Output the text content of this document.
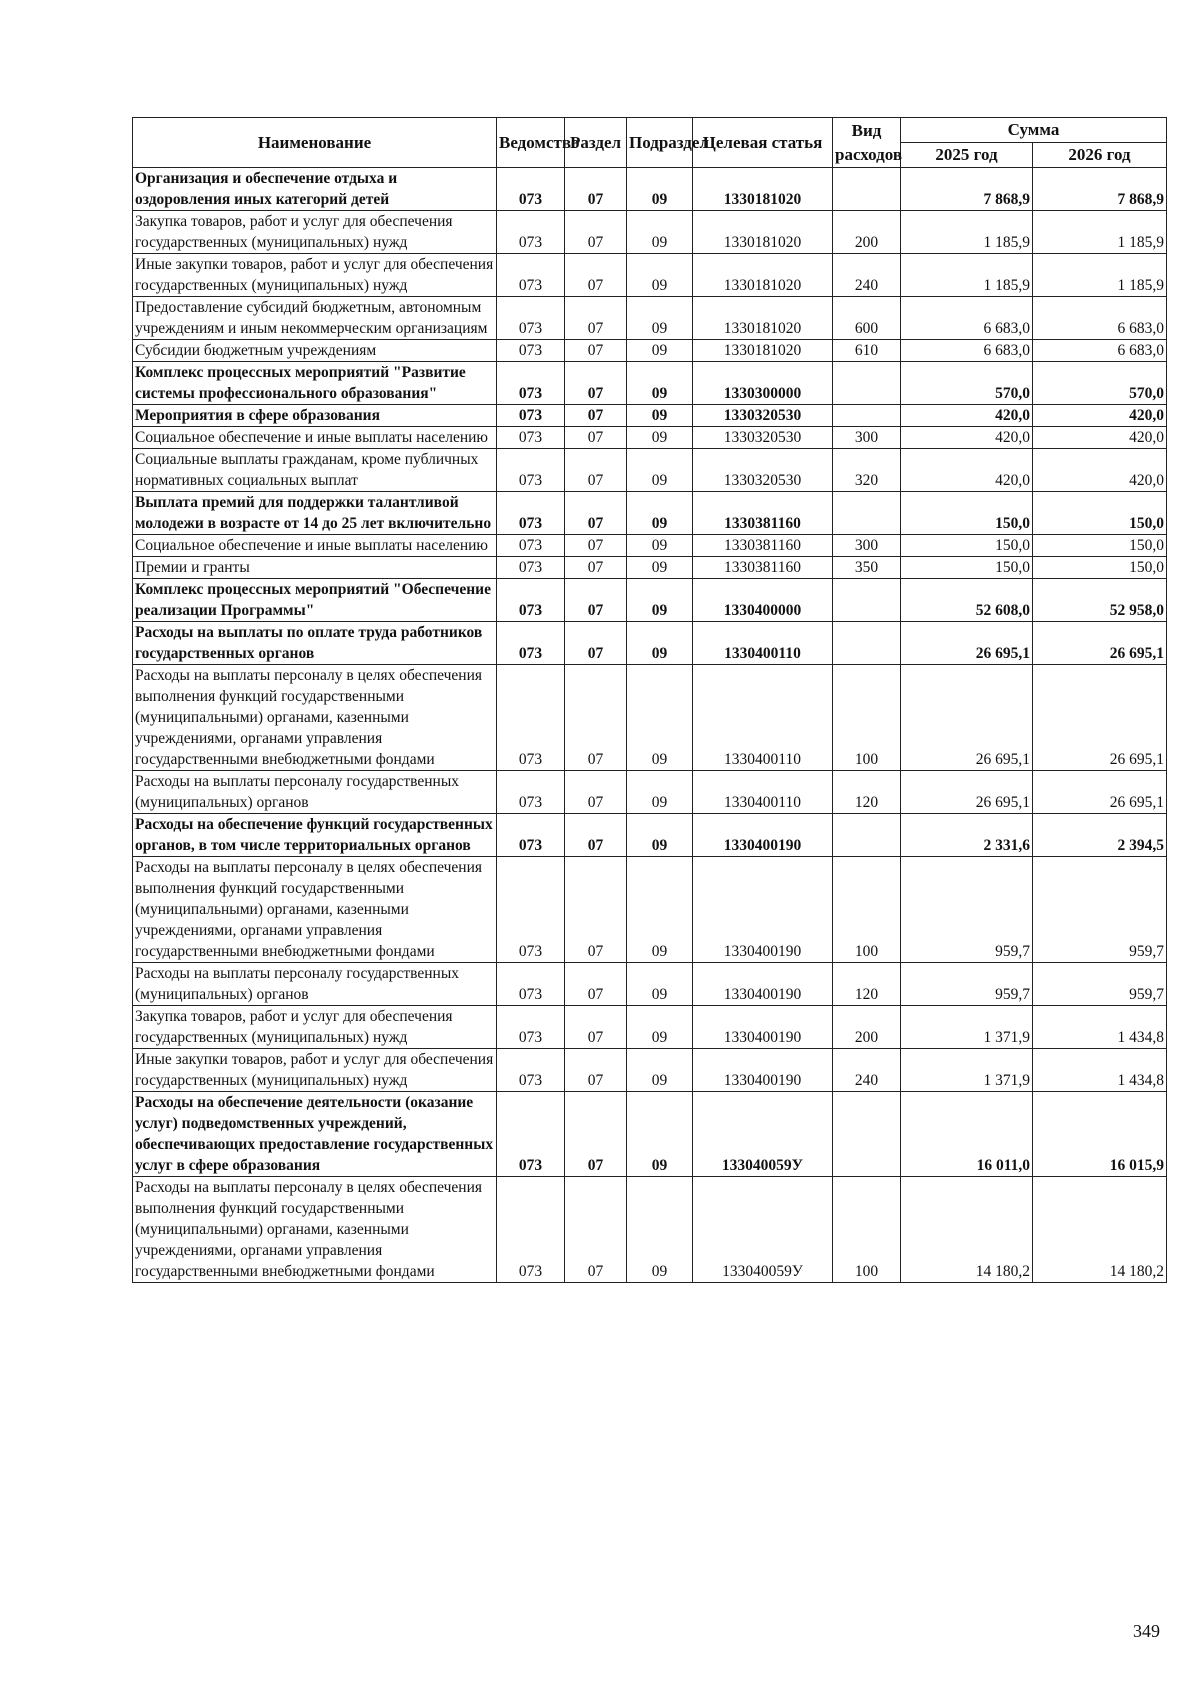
Наименование	Ведомство	Раздел	Подраздел	Целевая статья	Вид расходов	Сумма	
						2025 год	2026 год
Организация и обеспечение отдыха и оздоровления иных категорий детей	073	07	09	1330181020		7 868,9	7 868,9
Закупка товаров, работ и услуг для обеспечения государственных (муниципальных) нужд	073	07	09	1330181020	200	1 185,9	1 185,9
Иные закупки товаров, работ и услуг для обеспечения государственных (муниципальных) нужд	073	07	09	1330181020	240	1 185,9	1 185,9
Предоставление субсидий бюджетным, автономным учреждениям и иным некоммерческим организациям	073	07	09	1330181020	600	6 683,0	6 683,0
Субсидии бюджетным учреждениям	073	07	09	1330181020	610	6 683,0	6 683,0
Комплекс процессных мероприятий "Развитие системы профессионального образования"	073	07	09	1330300000		570,0	570,0
Мероприятия в сфере образования	073	07	09	1330320530		420,0	420,0
Социальное обеспечение и иные выплаты населению	073	07	09	1330320530	300	420,0	420,0
Социальные выплаты гражданам, кроме публичных нормативных социальных выплат	073	07	09	1330320530	320	420,0	420,0
Выплата премий для поддержки талантливой молодежи в возрасте от 14 до 25 лет включительно	073	07	09	1330381160		150,0	150,0
Социальное обеспечение и иные выплаты населению	073	07	09	1330381160	300	150,0	150,0
Премии и гранты	073	07	09	1330381160	350	150,0	150,0
Комплекс процессных мероприятий "Обеспечение реализации Программы"	073	07	09	1330400000		52 608,0	52 958,0
Расходы на выплаты по оплате труда работников государственных органов	073	07	09	1330400110		26 695,1	26 695,1
Расходы на выплаты персоналу в целях обеспечения выполнения функций государственными (муниципальными) органами, казенными учреждениями, органами управления государственными внебюджетными фондами	073	07	09	1330400110	100	26 695,1	26 695,1
Расходы на выплаты персоналу государственных (муниципальных) органов	073	07	09	1330400110	120	26 695,1	26 695,1
Расходы на обеспечение функций государственных органов, в том числе территориальных органов	073	07	09	1330400190		2 331,6	2 394,5
Расходы на выплаты персоналу в целях обеспечения выполнения функций государственными (муниципальными) органами, казенными учреждениями, органами управления государственными внебюджетными фондами	073	07	09	1330400190	100	959,7	959,7
Расходы на выплаты персоналу государственных (муниципальных) органов	073	07	09	1330400190	120	959,7	959,7
Закупка товаров, работ и услуг для обеспечения государственных (муниципальных) нужд	073	07	09	1330400190	200	1 371,9	1 434,8
Иные закупки товаров, работ и услуг для обеспечения государственных (муниципальных) нужд	073	07	09	1330400190	240	1 371,9	1 434,8
Расходы на обеспечение деятельности (оказание услуг) подведомственных учреждений, обеспечивающих предоставление государственных услуг в сфере образования	073	07	09	133040059У		16 011,0	16 015,9
Расходы на выплаты персоналу в целях обеспечения выполнения функций государственными (муниципальными) органами, казенными учреждениями, органами управления государственными внебюджетными фондами	073	07	09	133040059У	100	14 180,2	14 180,2
349
